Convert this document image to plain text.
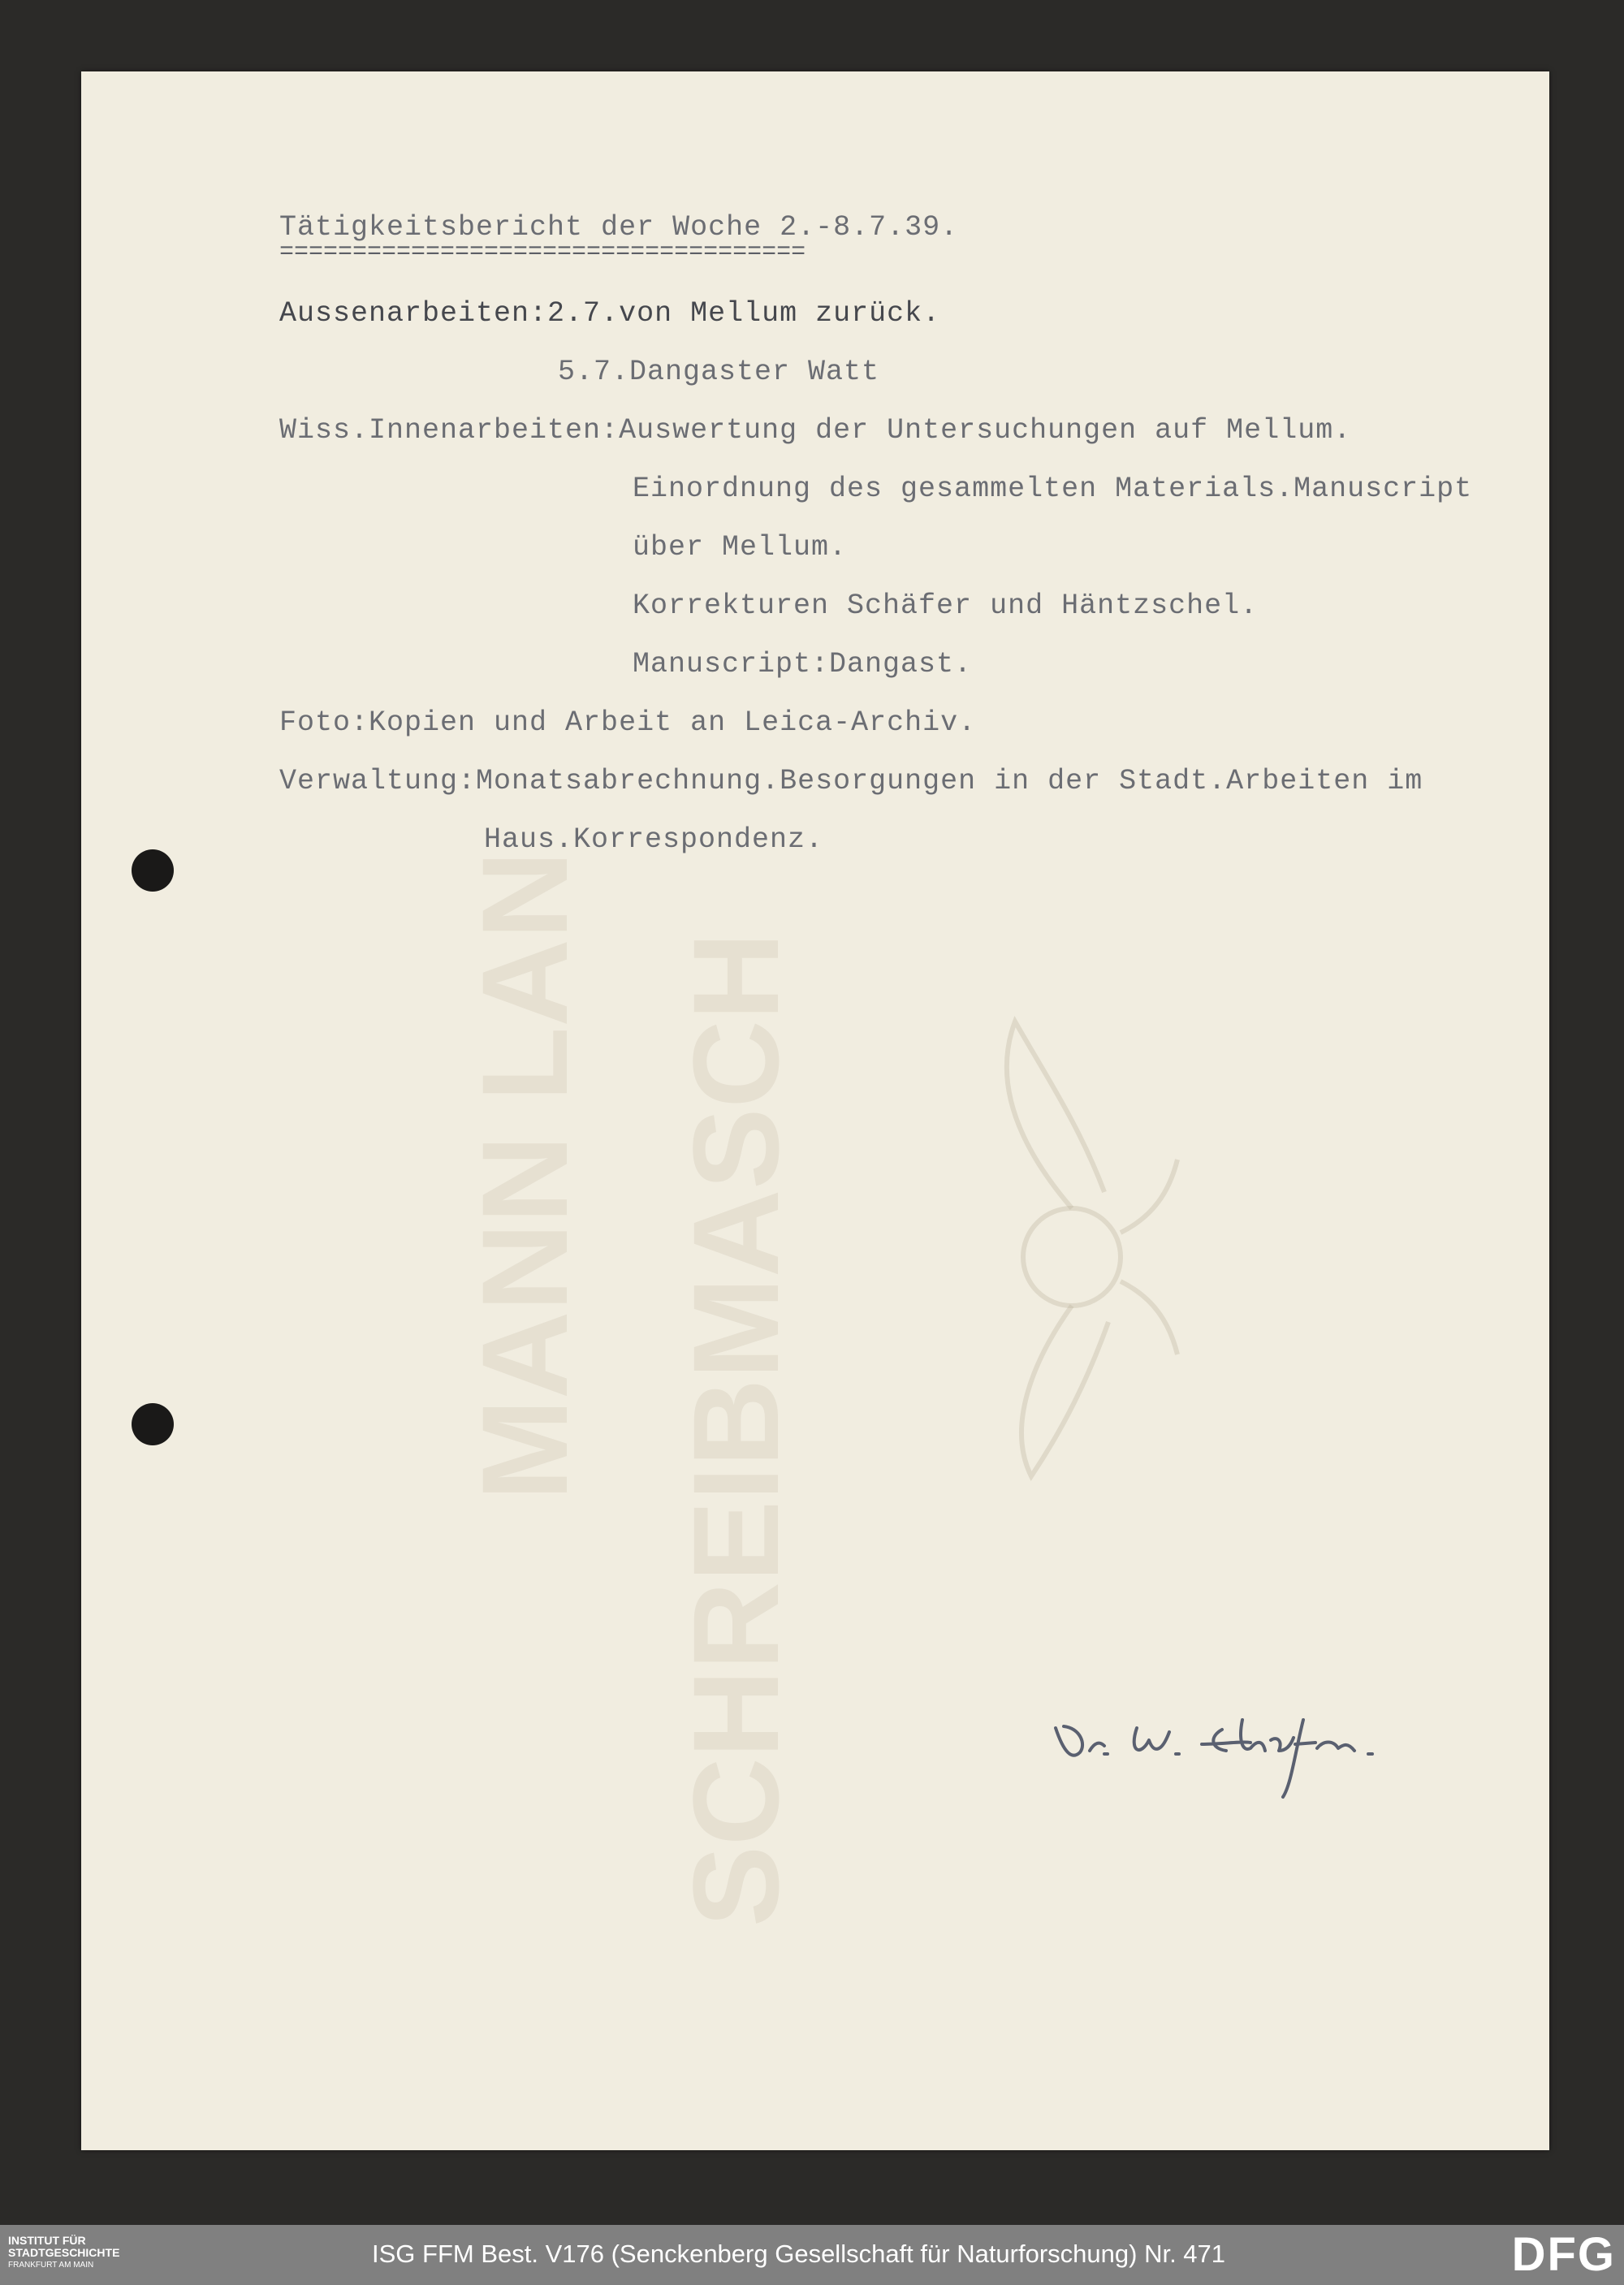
MANN LAN SCHREIBMASCH
Tätigkeitsbericht der Woche 2.-8.7.39.
====================================
Aussenarbeiten:2.7.von Mellum zurück.
5.7.Dangaster Watt
Wiss.Innenarbeiten:Auswertung der Untersuchungen auf Mellum.
Einordnung des gesammelten Materials.Manuscript
über Mellum.
Korrekturen Schäfer und Häntzschel.
Manuscript:Dangast.
Foto:Kopien und Arbeit an Leica-Archiv.
Verwaltung:Monatsabrechnung.Besorgungen in der Stadt.Arbeiten im
Haus.Korrespondenz.
INSTITUT FÜR
STADTGESCHICHTE
FRANKFURT AM MAIN	ISG FFM Best. V176 (Senckenberg Gesellschaft für Naturforschung) Nr. 471	DFG
